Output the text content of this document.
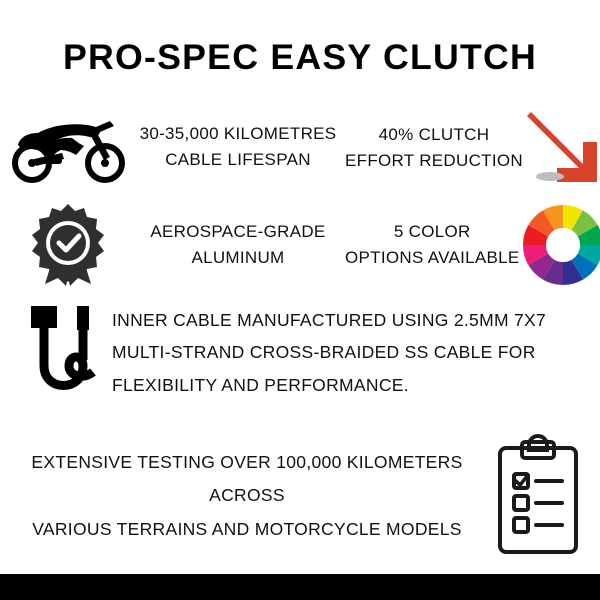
PRO-SPEC EASY CLUTCH
30-35,000 KILOMETRES
CABLE LIFESPAN
40% CLUTCH
EFFORT REDUCTION
AEROSPACE-GRADE
ALUMINUM
5 COLOR
OPTIONS AVAILABLE
INNER CABLE MANUFACTURED USING 2.5MM 7X7 MULTI-STRAND CROSS-BRAIDED SS CABLE FOR FLEXIBILITY AND PERFORMANCE.
EXTENSIVE TESTING OVER 100,000 KILOMETERS ACROSS
VARIOUS TERRAINS AND MOTORCYCLE MODELS
